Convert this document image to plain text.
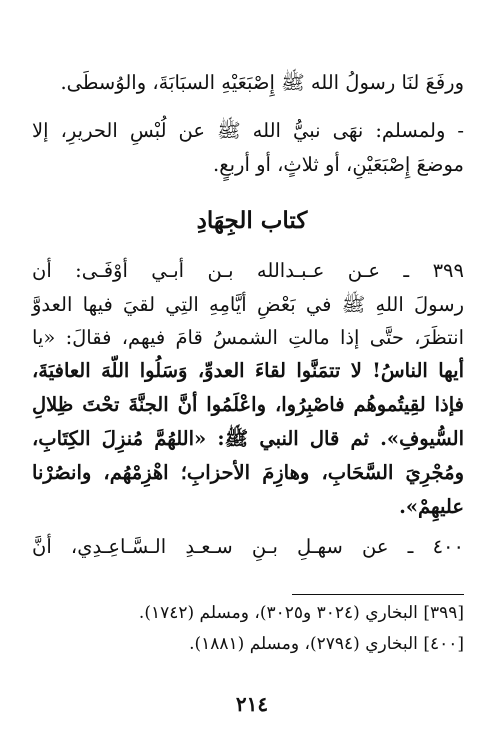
ورفَعَ لنَا رسولُ الله ﷺ إِصْبَعَيْهِ السبَابَةَ، والوُسطَى.
- ولمسلم: نهَى نبيُّ الله ﷺ عن لُبْسِ الحريرِ، إلا
موضعَ إِصْبَعَيْنِ، أو ثلاثٍ، أو أربعٍ.
كتاب الجِهَادِ
٣٩٩ ـ عـن عـبـدالله بـن أبـي أوْفَـى: أن
رسولَ اللهِ ﷺ في بَعْضِ أيَّامِهِ التِي لقيَ فيها العدوَّ
انتظَرَ، حتَّى إذا مالتِ الشمسُ قامَ فيهم، فقالَ: «يا
أيها الناسُ! لا تتمَنَّوا لقاءَ العدوِّ، وَسَلُوا اللّهَ العافيَةَ،
فإذا لقِيتُموهُم فاصْبِرُوا، واعْلَمُوا أنَّ الجنَّةَ تحْتَ ظِلالِ
السُّيوفِ». ثم قال النبي ﷺ: «اللهُمَّ مُنزِلَ الكِتَابِ،
ومُجْرِيَ السَّحَابِ، وهازِمَ الأحزابِ؛ اهْزِمْهُم، وانصُرْنا
عليهِمْ».
٤٠٠ ـ عن سهـلِ بـنِ سـعـدِ الـسَّـاعِـدِي، أنَّ
[٣٩٩] البخاري (٣٠٢٤ و٣٠٢٥)، ومسلم (١٧٤٢).
[٤٠٠] البخاري (٢٧٩٤)، ومسلم (١٨٨١).
٢١٤
